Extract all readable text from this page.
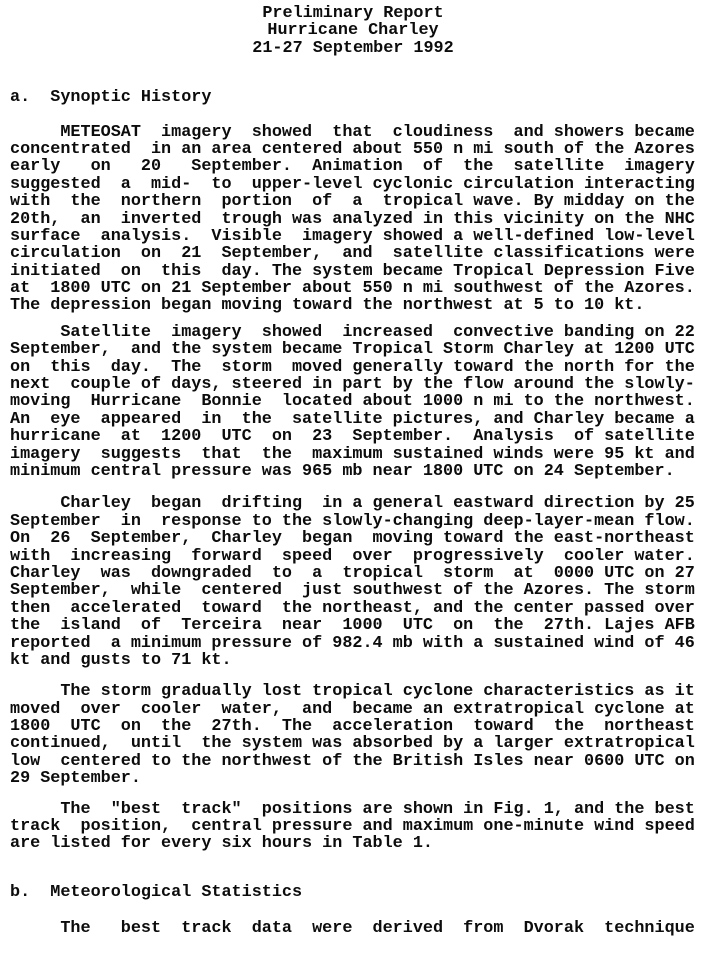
Preliminary Report
Hurricane Charley
21-27 September 1992
a.  Synoptic History
METEOSAT  imagery  showed  that  cloudiness  and showers became
concentrated  in an area centered about 550 n mi south of the Azores
early   on   20   September.  Animation  of  the  satellite  imagery
suggested  a  mid-  to  upper-level cyclonic circulation interacting
with  the  northern  portion  of  a  tropical wave. By midday on the
20th,  an  inverted  trough was analyzed in this vicinity on the NHC
surface  analysis.  Visible  imagery showed a well-defined low-level
circulation  on  21  September,  and  satellite classifications were
initiated  on  this  day. The system became Tropical Depression Five
at  1800 UTC on 21 September about 550 n mi southwest of the Azores.
The depression began moving toward the northwest at 5 to 10 kt.
Satellite  imagery  showed  increased  convective banding on 22
September,  and the system became Tropical Storm Charley at 1200 UTC
on  this  day.  The  storm  moved generally toward the north for the
next  couple of days, steered in part by the flow around the slowly-
moving  Hurricane  Bonnie  located about 1000 n mi to the northwest.
An  eye  appeared  in  the  satellite pictures, and Charley became a
hurricane  at  1200  UTC  on  23  September.  Analysis  of satellite
imagery  suggests  that  the  maximum sustained winds were 95 kt and
minimum central pressure was 965 mb near 1800 UTC on 24 September.
Charley  began  drifting  in a general eastward direction by 25
September  in  response to the slowly-changing deep-layer-mean flow.
On  26  September,  Charley  began  moving toward the east-northeast
with  increasing  forward  speed  over  progressively  cooler water.
Charley  was  downgraded  to  a  tropical  storm  at  0000 UTC on 27
September,  while  centered  just southwest of the Azores. The storm
then  accelerated  toward  the northeast, and the center passed over
the  island  of  Terceira  near  1000  UTC  on  the  27th. Lajes AFB
reported  a minimum pressure of 982.4 mb with a sustained wind of 46
kt and gusts to 71 kt.
The storm gradually lost tropical cyclone characteristics as it
moved  over  cooler  water,  and  became an extratropical cyclone at
1800  UTC  on  the  27th.  The  acceleration  toward  the  northeast
continued,  until  the system was absorbed by a larger extratropical
low  centered to the northwest of the British Isles near 0600 UTC on
29 September.
The  "best  track"  positions are shown in Fig. 1, and the best
track  position,  central pressure and maximum one-minute wind speed
are listed for every six hours in Table 1.
b.  Meteorological Statistics
The   best  track  data  were  derived  from  Dvorak  technique
